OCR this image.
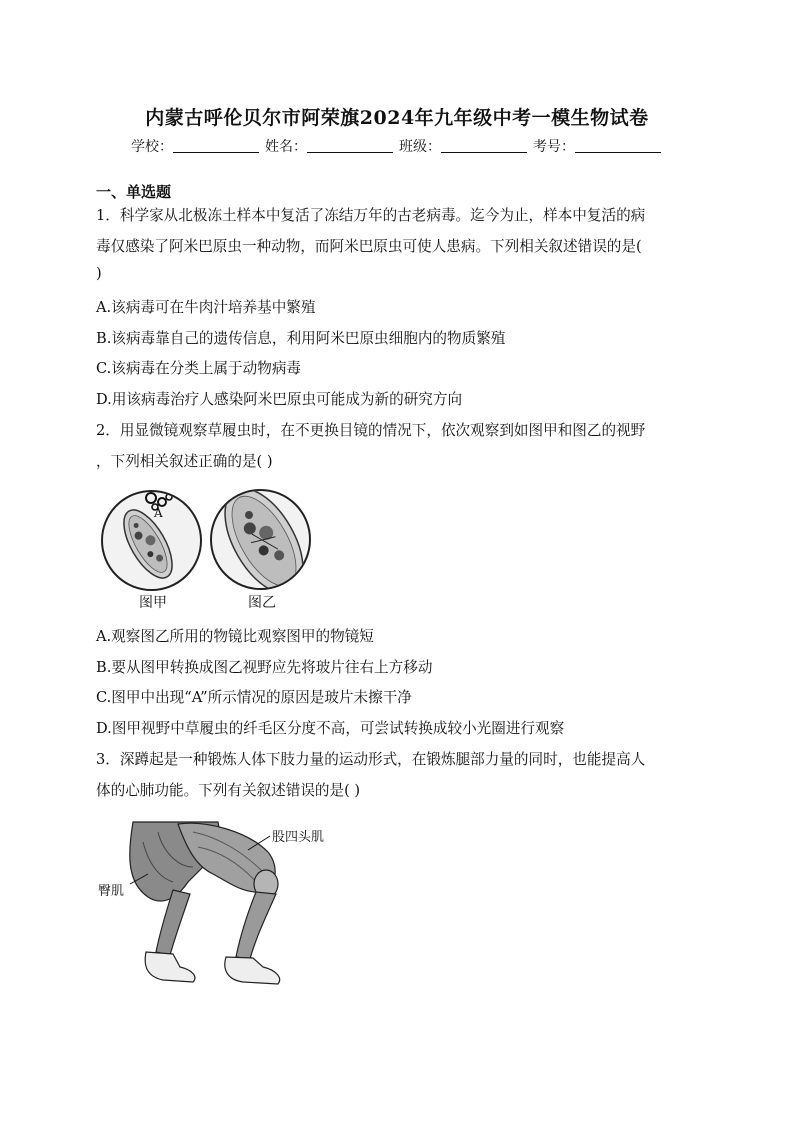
内蒙古呼伦贝尔市阿荣旗2024年九年级中考一模生物试卷
学校：	姓名：	班级：	考号：
一、单选题
1．科学家从北极冻土样本中复活了冻结万年的古老病毒。迄今为止，样本中复活的病
毒仅感染了阿米巴原虫一种动物，而阿米巴原虫可使人患病。下列相关叙述错误的是(
)
A.该病毒可在牛肉汁培养基中繁殖
B.该病毒靠自己的遗传信息，利用阿米巴原虫细胞内的物质繁殖
C.该病毒在分类上属于动物病毒
D.用该病毒治疗人感染阿米巴原虫可能成为新的研究方向
2．用显微镜观察草履虫时，在不更换目镜的情况下，依次观察到如图甲和图乙的视野
，下列相关叙述正确的是( )
A
图甲	图乙
A.观察图乙所用的物镜比观察图甲的物镜短
B.要从图甲转换成图乙视野应先将玻片往右上方移动
C.图甲中出现“A”所示情况的原因是玻片未擦干净
D.图甲视野中草履虫的纤毛区分度不高，可尝试转换成较小光圈进行观察
3．深蹲起是一种锻炼人体下肢力量的运动形式，在锻炼腿部力量的同时，也能提高人
体的心肺功能。下列有关叙述错误的是( )
股四头肌
臀肌
